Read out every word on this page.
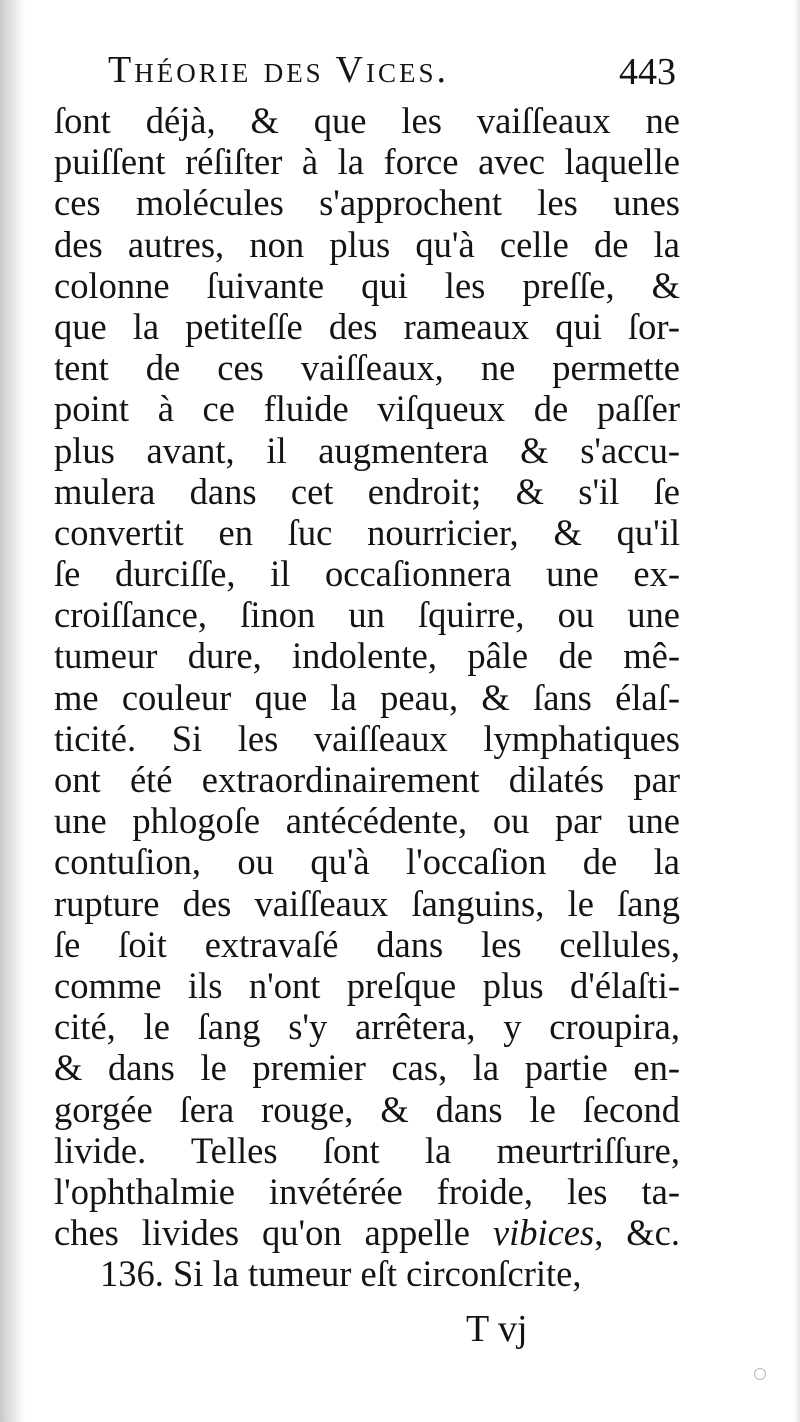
Théorie des Vices.	443
ſont déjà, & que les vaiſſeaux ne
puiſſent réſiſter à la force avec laquelle
ces molécules s'approchent les unes
des autres, non plus qu'à celle de la
colonne ſuivante qui les preſſe, &
que la petiteſſe des rameaux qui ſor-
tent de ces vaiſſeaux, ne permette
point à ce fluide viſqueux de paſſer
plus avant, il augmentera & s'accu-
mulera dans cet endroit; & s'il ſe
convertit en ſuc nourricier, & qu'il
ſe durciſſe, il occaſionnera une ex-
croiſſance, ſinon un ſquirre, ou une
tumeur dure, indolente, pâle de mê-
me couleur que la peau, & ſans élaſ-
ticité. Si les vaiſſeaux lymphatiques
ont été extraordinairement dilatés par
une phlogoſe antécédente, ou par une
contuſion, ou qu'à l'occaſion de la
rupture des vaiſſeaux ſanguins, le ſang
ſe ſoit extravaſé dans les cellules,
comme ils n'ont preſque plus d'élaſti-
cité, le ſang s'y arrêtera, y croupira,
& dans le premier cas, la partie en-
gorgée ſera rouge, & dans le ſecond
livide. Telles ſont la meurtriſſure,
l'ophthalmie invétérée froide, les ta-
ches livides qu'on appelle vibices, &c.
136. Si la tumeur eſt circonſcrite,
T vj
